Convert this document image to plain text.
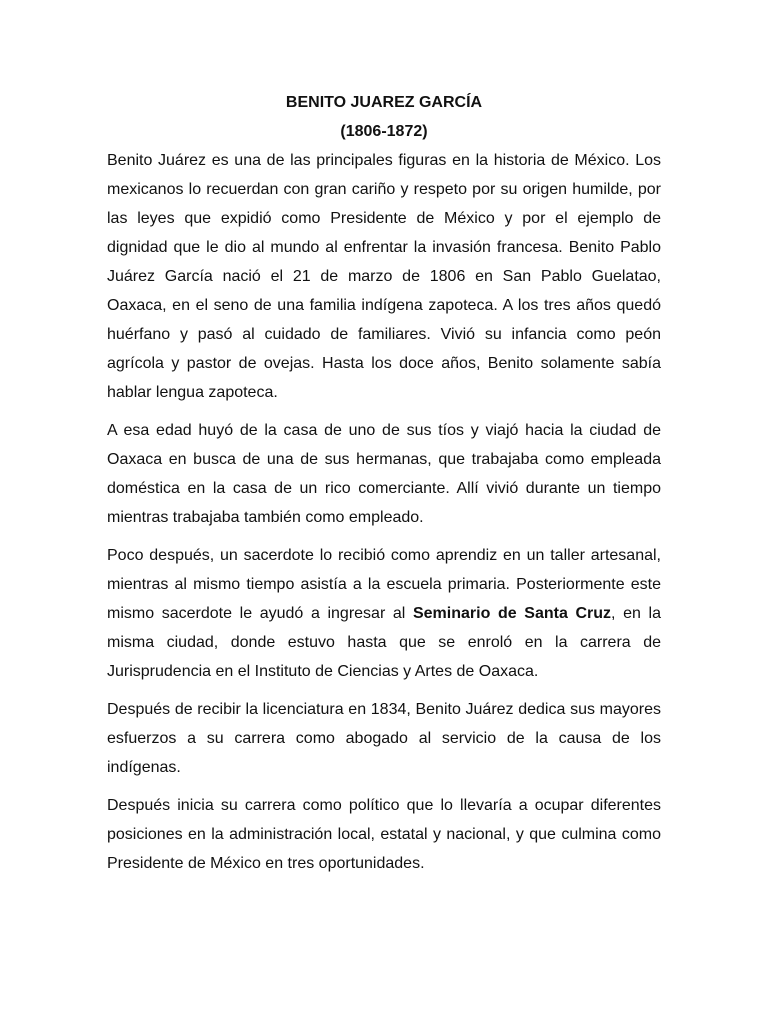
BENITO JUAREZ GARCÍA

(1806-1872)

Benito Juárez es una de las principales figuras en la historia de México. Los mexicanos lo recuerdan con gran cariño y respeto por su origen humilde, por las leyes que expidió como Presidente de México y por el ejemplo de dignidad que le dio al mundo al enfrentar la invasión francesa. Benito Pablo Juárez García nació el 21 de marzo de 1806 en San Pablo Guelatao, Oaxaca, en el seno de una familia indígena zapoteca. A los tres años quedó huérfano y pasó al cuidado de familiares. Vivió su infancia como peón agrícola y pastor de ovejas. Hasta los doce años, Benito solamente sabía hablar lengua zapoteca.

A esa edad huyó de la casa de uno de sus tíos y viajó hacia la ciudad de Oaxaca en busca de una de sus hermanas, que trabajaba como empleada doméstica en la casa de un rico comerciante. Allí vivió durante un tiempo mientras trabajaba también como empleado.

Poco después, un sacerdote lo recibió como aprendiz en un taller artesanal, mientras al mismo tiempo asistía a la escuela primaria. Posteriormente este mismo sacerdote le ayudó a ingresar al Seminario de Santa Cruz, en la misma ciudad, donde estuvo hasta que se enroló en la carrera de Jurisprudencia en el Instituto de Ciencias y Artes de Oaxaca.

Después de recibir la licenciatura en 1834, Benito Juárez dedica sus mayores esfuerzos a su carrera como abogado al servicio de la causa de los indígenas.

Después inicia su carrera como político que lo llevaría a ocupar diferentes posiciones en la administración local, estatal y nacional, y que culmina como Presidente de México en tres oportunidades.
